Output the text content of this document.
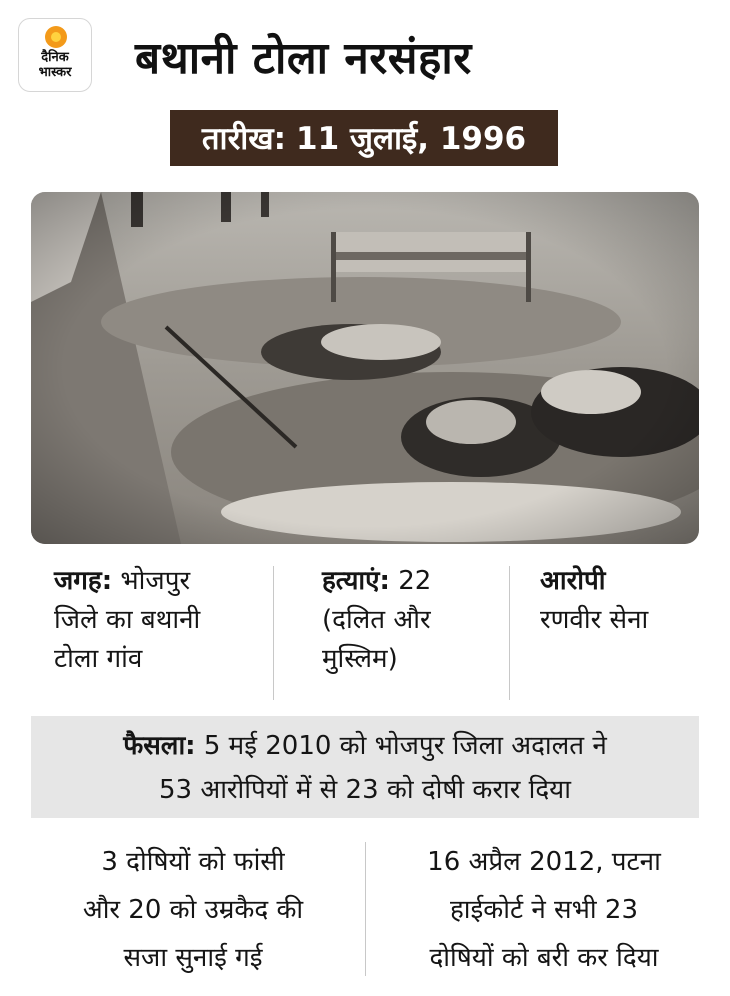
दैनिक
भास्कर	बथानी टोला नरसंहार
तारीख: 11 जुलाई, 1996
जगह: भोजपुर
जिले का बथानी
टोला गांव
हत्याएं: 22
(दलित और
मुस्लिम)
आरोपी
रणवीर सेना
फैसला: 5 मई 2010 को भोजपुर जिला अदालत ने
53 आरोपियों में से 23 को दोषी करार दिया
3 दोषियों को फांसी
और 20 को उम्रकैद की
सजा सुनाई गई
16 अप्रैल 2012, पटना
हाईकोर्ट ने सभी 23
दोषियों को बरी कर दिया
